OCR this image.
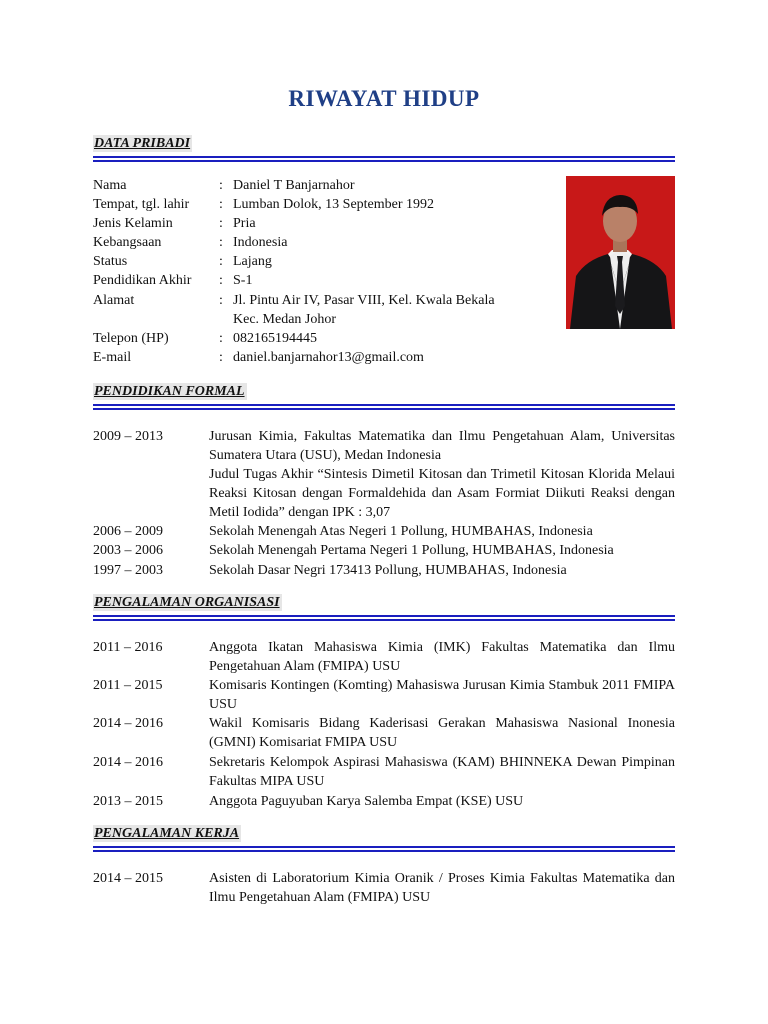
RIWAYAT HIDUP
DATA PRIBADI
Nama	: Daniel T Banjarnahor
Tempat, tgl. lahir	: Lumban Dolok, 13 September 1992
Jenis Kelamin	: Pria
Kebangsaan	: Indonesia
Status	: Lajang
Pendidikan Akhir	: S-1
Alamat	: Jl. Pintu Air IV, Pasar VIII, Kel. Kwala Bekala
Kec. Medan Johor
Telepon (HP)	: 082165194445
E-mail	: daniel.banjarnahor13@gmail.com
PENDIDIKAN FORMAL
2009 – 2013	Jurusan Kimia, Fakultas Matematika dan Ilmu Pengetahuan Alam, Universitas Sumatera Utara (USU), Medan Indonesia

Judul Tugas Akhir “Sintesis Dimetil Kitosan dan Trimetil Kitosan Klorida Melaui Reaksi Kitosan dengan Formaldehida dan Asam Formiat Diikuti Reaksi dengan Metil Iodida” dengan IPK : 3,07

2006 – 2009	Sekolah Menengah Atas Negeri 1 Pollung, HUMBAHAS, Indonesia

2003 – 2006	Sekolah Menengah Pertama Negeri 1 Pollung, HUMBAHAS, Indonesia

1997 – 2003	Sekolah Dasar Negri 173413 Pollung, HUMBAHAS, Indonesia

PENGALAMAN ORGANISASI
2011 – 2016	Anggota Ikatan Mahasiswa Kimia (IMK) Fakultas Matematika dan Ilmu Pengetahuan Alam (FMIPA) USU

2011 – 2015	Komisaris Kontingen (Komting) Mahasiswa Jurusan Kimia Stambuk 2011 FMIPA USU

2014 – 2016	Wakil Komisaris Bidang Kaderisasi Gerakan Mahasiswa Nasional Inonesia (GMNI) Komisariat FMIPA USU

2014 – 2016	Sekretaris Kelompok Aspirasi Mahasiswa (KAM) BHINNEKA Dewan Pimpinan Fakultas MIPA USU

2013 – 2015	Anggota Paguyuban Karya Salemba Empat (KSE) USU

PENGALAMAN KERJA
2014 – 2015	Asisten di Laboratorium Kimia Oranik / Proses Kimia Fakultas Matematika dan Ilmu Pengetahuan Alam (FMIPA) USU
